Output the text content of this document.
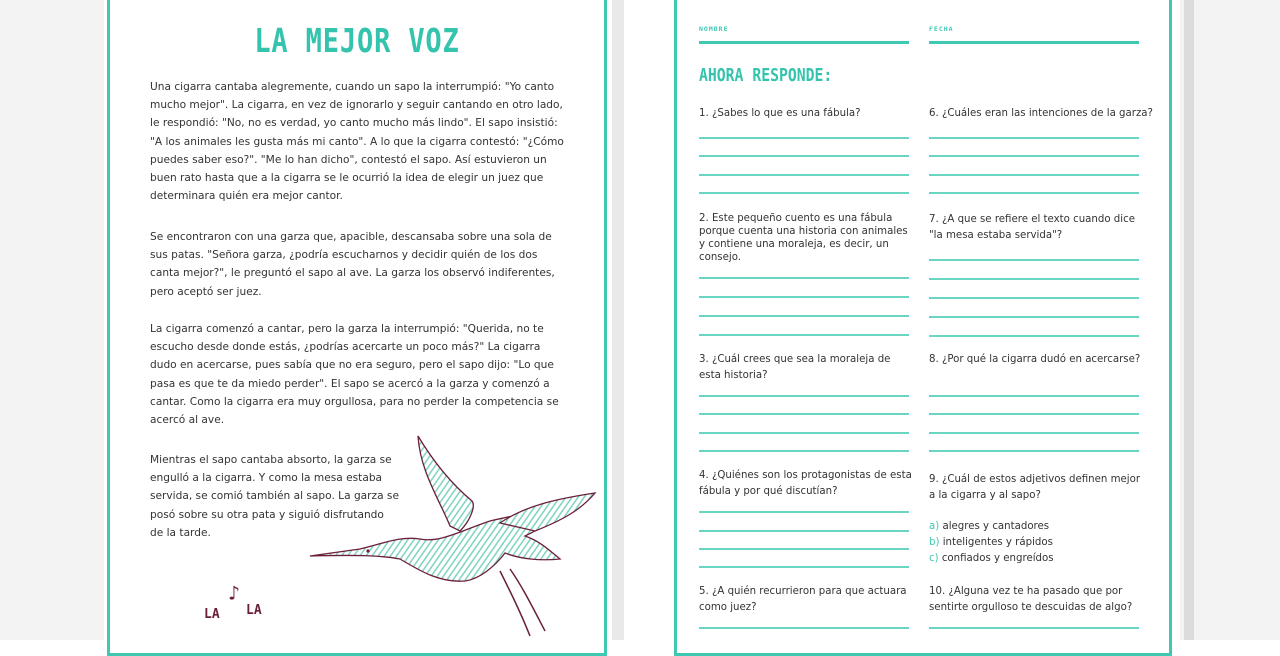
LA MEJOR VOZ

Una cigarra cantaba alegremente, cuando un sapo la interrumpió: "Yo canto mucho mejor". La cigarra, en vez de ignorarlo y seguir cantando en otro lado, le respondió: "No, no es verdad, yo canto mucho más lindo". El sapo insistió: "A los animales les gusta más mi canto". A lo que la cigarra contestó: "¿Cómo puedes saber eso?". "Me lo han dicho", contestó el sapo. Así estuvieron un buen rato hasta que a la cigarra se le ocurrió la idea de elegir un juez que determinara quién era mejor cantor.

Se encontraron con una garza que, apacible, descansaba sobre una sola de sus patas. "Señora garza, ¿podría escucharnos y decidir quién de los dos canta mejor?", le preguntó el sapo al ave. La garza los observó indiferentes, pero aceptó ser juez.

La cigarra comenzó a cantar, pero la garza la interrumpió: "Querida, no te escucho desde donde estás, ¿podrías acercarte un poco más?" La cigarra dudo en acercarse, pues sabía que no era seguro, pero el sapo dijo: "Lo que pasa es que te da miedo perder". El sapo se acercó a la garza y comenzó a cantar. Como la cigarra era muy orgullosa, para no perder la competencia se acercó al ave.

Mientras el sapo cantaba absorto, la garza se engulló a la cigarra. Y como la mesa estaba servida, se comió también al sapo. La garza se posó sobre su otra pata y siguió disfrutando de la tarde.

LA LA
♪
NOMBRE	FECHA
AHORA RESPONDE:
1. ¿Sabes lo que es una fábula?
2. Este pequeño cuento es una fábula porque cuenta una historia con animales y contiene una moraleja, es decir, un consejo.
3. ¿Cuál crees que sea la moraleja de esta historia?
4. ¿Quiénes son los protagonistas de esta fábula y por qué discutían?
5. ¿A quién recurrieron para que actuara como juez?
6. ¿Cuáles eran las intenciones de la garza?
7. ¿A que se refiere el texto cuando dice "la mesa estaba servida"?
8. ¿Por qué la cigarra dudó en acercarse?
9. ¿Cuál de estos adjetivos definen mejor a la cigarra y al sapo?
10. ¿Alguna vez te ha pasado que por sentirte orgulloso te descuidas de algo?
a) alegres y cantadores
b) inteligentes y rápidos
c) confiados y engreídos
